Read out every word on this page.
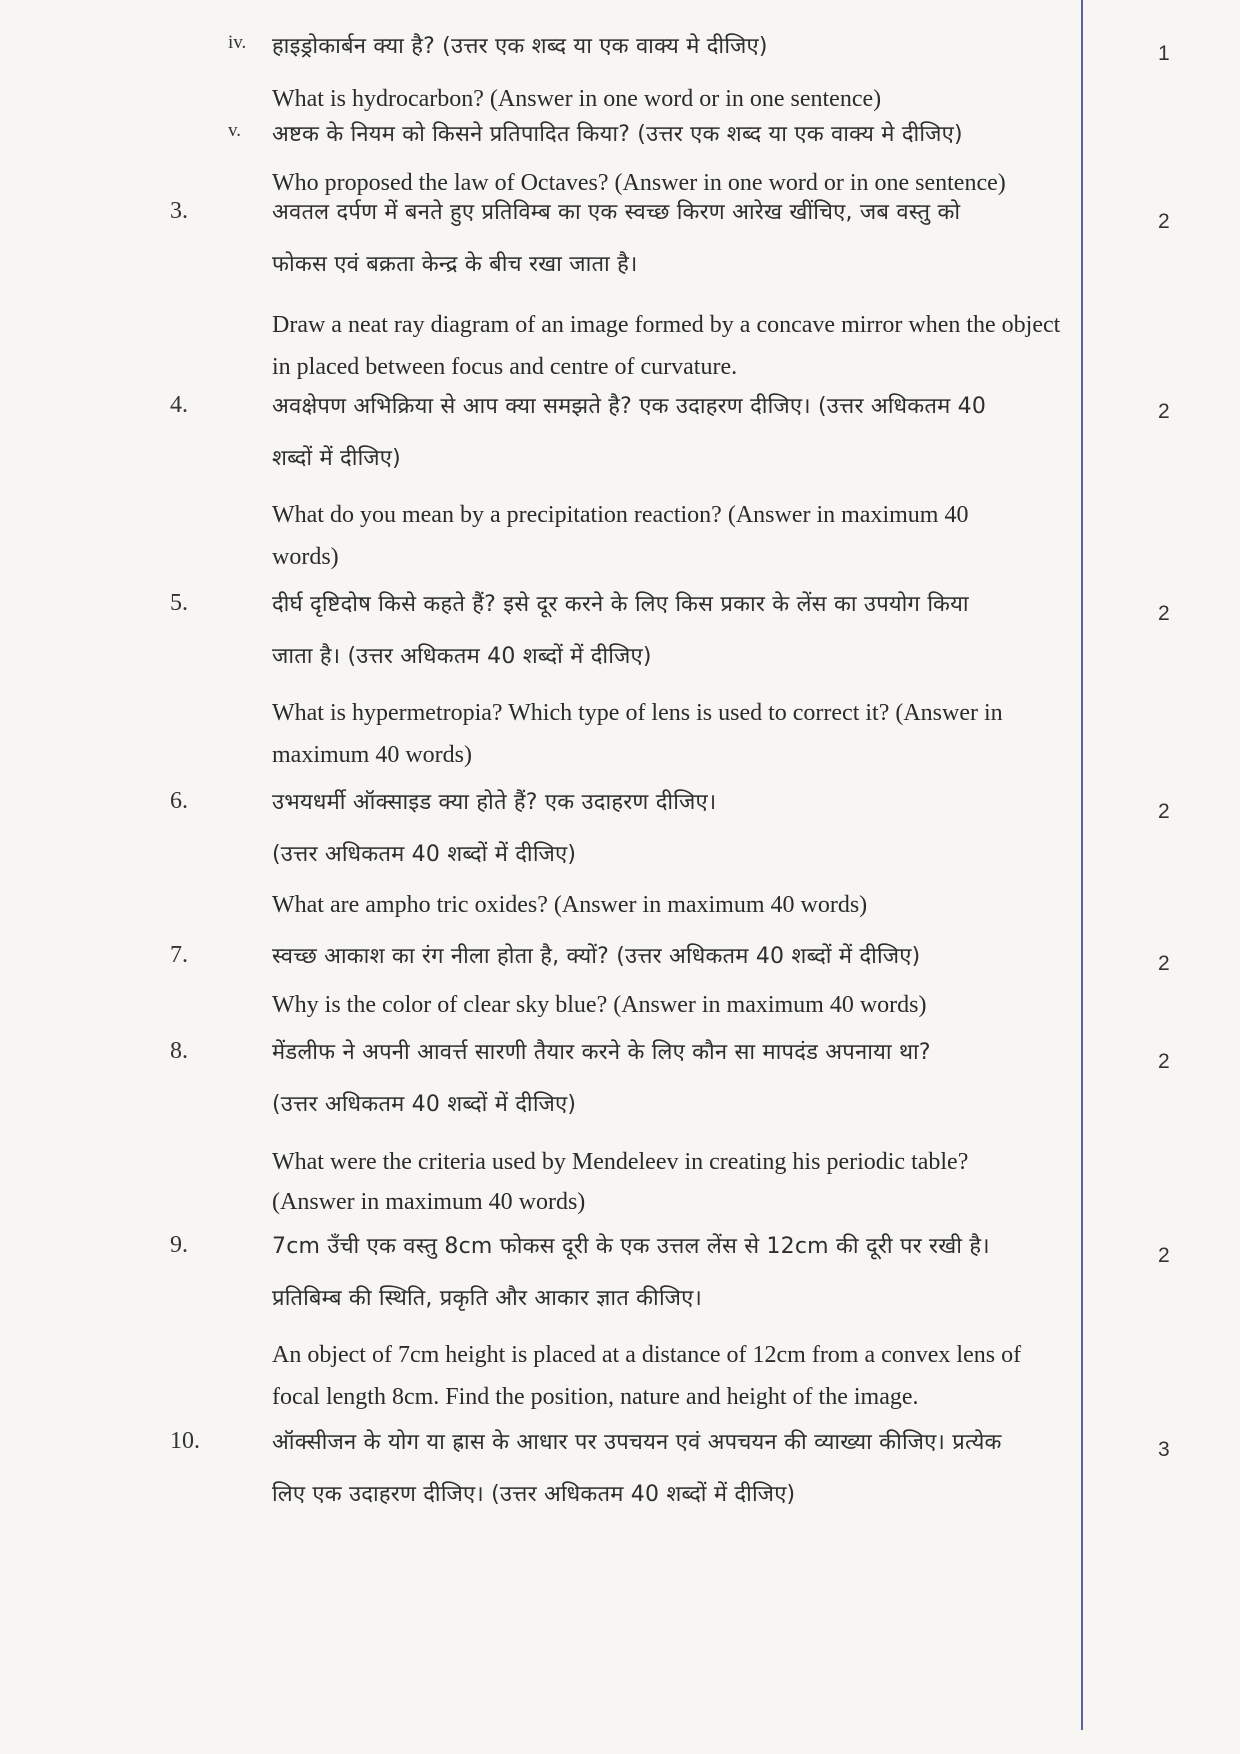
iv. हाइड्रोकार्बन क्या है? (उत्तर एक शब्द या एक वाक्य मे दीजिए)	1
What is hydrocarbon? (Answer in one word or in one sentence)
v. अष्टक के नियम को किसने प्रतिपादित किया? (उत्तर एक शब्द या एक वाक्य मे दीजिए)
Who proposed the law of Octaves? (Answer in one word or in one sentence)
3.	अवतल दर्पण में बनते हुए प्रतिविम्ब का एक स्वच्छ किरण आरेख खींचिए, जब वस्तु को
फोकस एवं बक्रता केन्द्र के बीच रखा जाता है।
2
Draw a neat ray diagram of an image formed by a concave mirror when the object
in placed between focus and centre of curvature.
4.	अवक्षेपण अभिक्रिया से आप क्या समझते है? एक उदाहरण दीजिए। (उत्तर अधिकतम 40
शब्दों में दीजिए)
2
What do you mean by a precipitation reaction? (Answer in maximum 40
words)
5.	दीर्घ दृष्टिदोष किसे कहते हैं? इसे दूर करने के लिए किस प्रकार के लेंस का उपयोग किया
जाता है। (उत्तर अधिकतम 40 शब्दों में दीजिए)
2
What is hypermetropia? Which type of lens is used to correct it? (Answer in
maximum 40 words)
6.	उभयधर्मी ऑक्साइड क्या होते हैं? एक उदाहरण दीजिए।
(उत्तर अधिकतम 40 शब्दों में दीजिए)
2
What are ampho tric oxides? (Answer in maximum 40 words)
7.	स्वच्छ आकाश का रंग नीला होता है, क्यों? (उत्तर अधिकतम 40 शब्दों में दीजिए)	2
Why is the color of clear sky blue? (Answer in maximum 40 words)
8.	मेंडलीफ ने अपनी आवर्त्त सारणी तैयार करने के लिए कौन सा मापदंड अपनाया था?
(उत्तर अधिकतम 40 शब्दों में दीजिए)
2
What were the criteria used by Mendeleev in creating his periodic table?
(Answer in maximum 40 words)
9.	7cm उँची एक वस्तु 8cm फोकस दूरी के एक उत्तल लेंस से 12cm की दूरी पर रखी है।
प्रतिबिम्ब की स्थिति, प्रकृति और आकार ज्ञात कीजिए।
2
An object of 7cm height is placed at a distance of 12cm from a convex lens of
focal length 8cm. Find the position, nature and height of the image.
10.	ऑक्सीजन के योग या ह्रास के आधार पर उपचयन एवं अपचयन की व्याख्या कीजिए। प्रत्येक
लिए एक उदाहरण दीजिए। (उत्तर अधिकतम 40 शब्दों में दीजिए)
3
